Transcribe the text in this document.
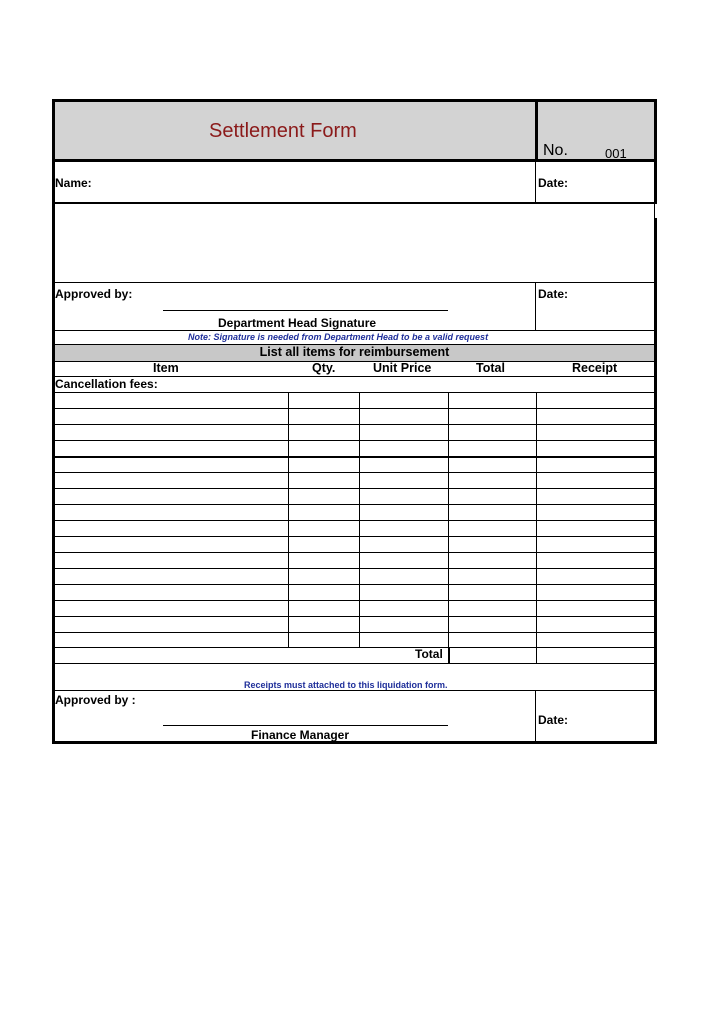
Settlement Form
No.	001
Name:	Date:
Approved by:	Date:
Department Head Signature
Note: Signature is needed from Department Head to be a valid request
List all items for reimbursement
Item	Qty.	Unit Price	Total	Receipt
Cancellation fees:
Total
Receipts must attached to this liquidation form.
Approved by :
Date:
Finance Manager
